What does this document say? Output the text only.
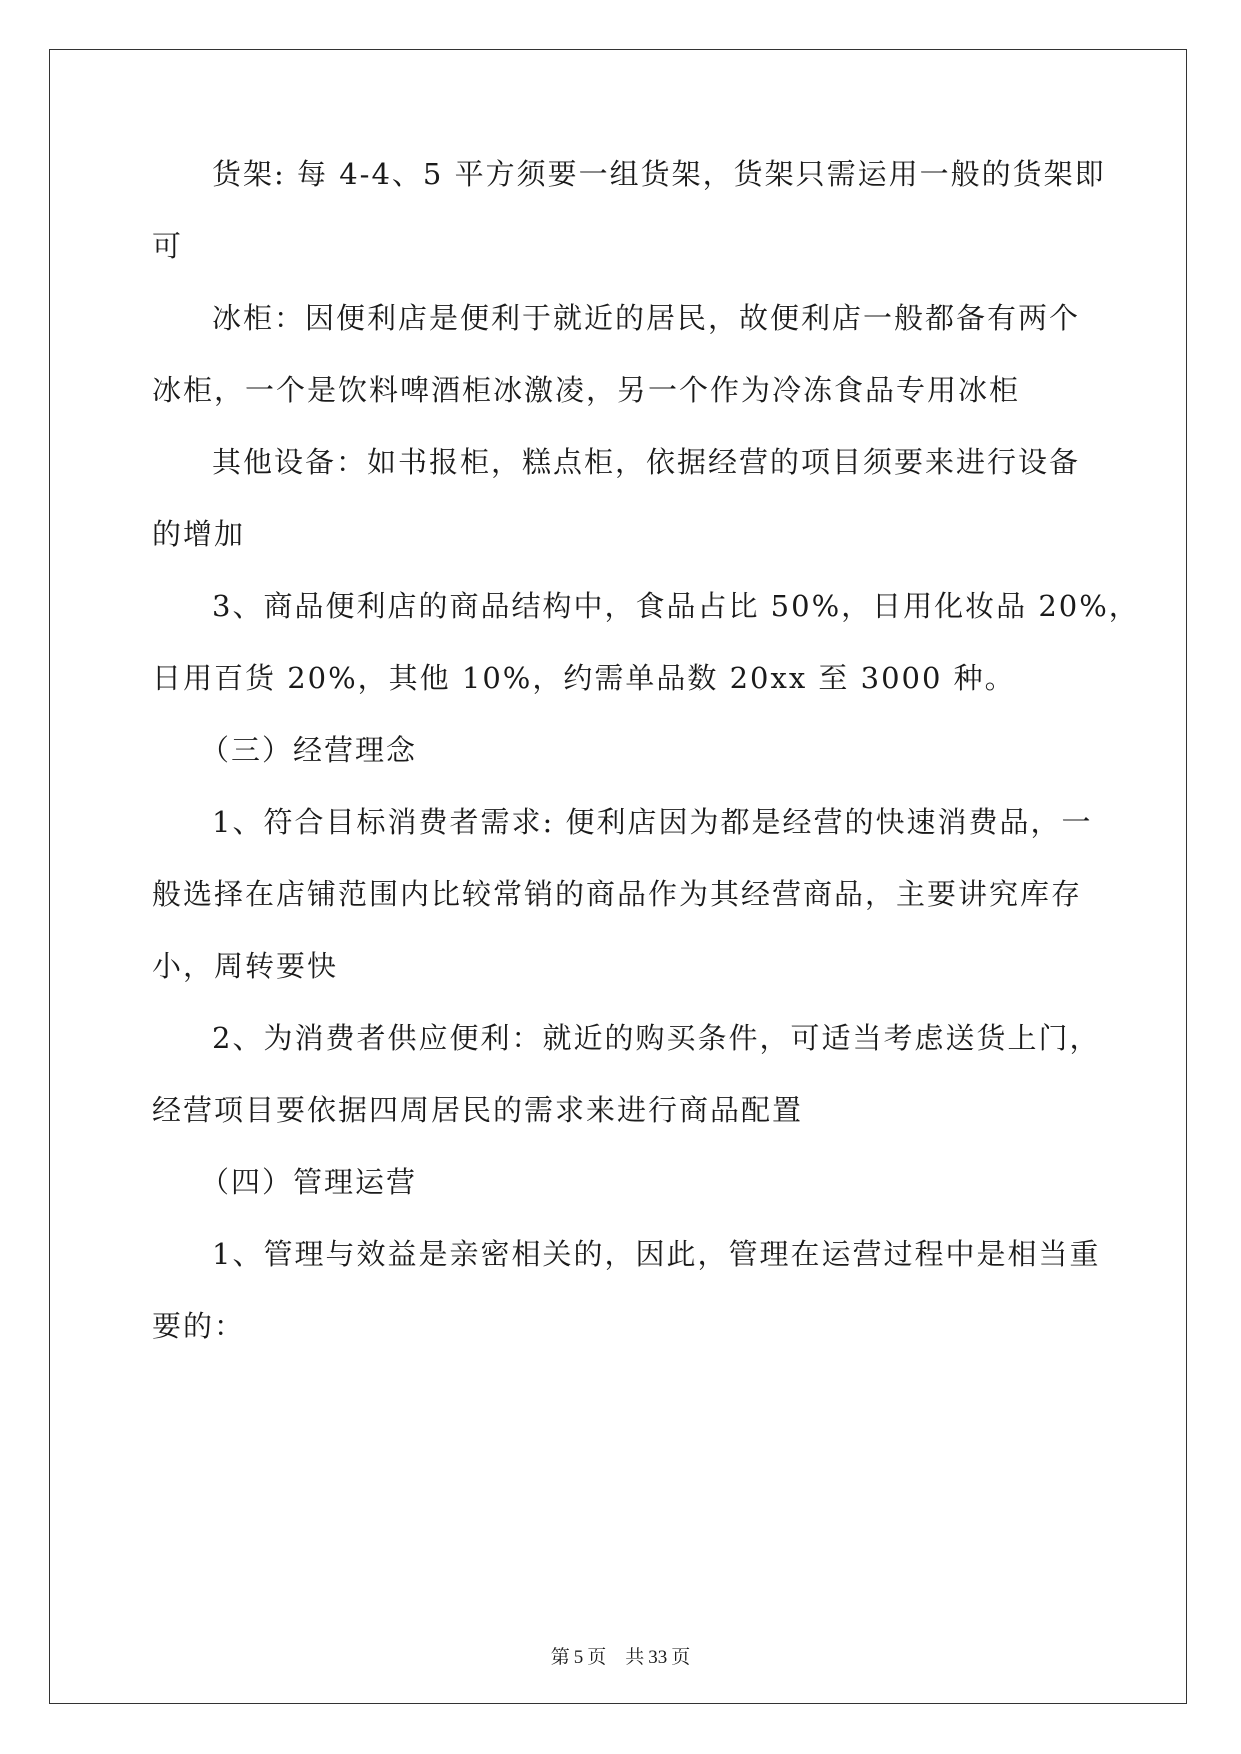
货架: 每 4-4、5 平方须要一组货架，货架只需运用一般的货架即
可
冰柜：因便利店是便利于就近的居民，故便利店一般都备有两个
冰柜，一个是饮料啤酒柜冰激凌，另一个作为冷冻食品专用冰柜
其他设备：如书报柜，糕点柜，依据经营的项目须要来进行设备
的增加
3、商品便利店的商品结构中，食品占比 50%，日用化妆品 20%，
日用百货 20%，其他 10%，约需单品数 20xx 至 3000 种。
（三）经营理念
1、符合目标消费者需求: 便利店因为都是经营的快速消费品，一
般选择在店铺范围内比较常销的商品作为其经营商品，主要讲究库存
小，周转要快
2、为消费者供应便利：就近的购买条件，可适当考虑送货上门，
经营项目要依据四周居民的需求来进行商品配置
（四）管理运营
1、管理与效益是亲密相关的，因此，管理在运营过程中是相当重
要的：
第 5 页　共 33 页
